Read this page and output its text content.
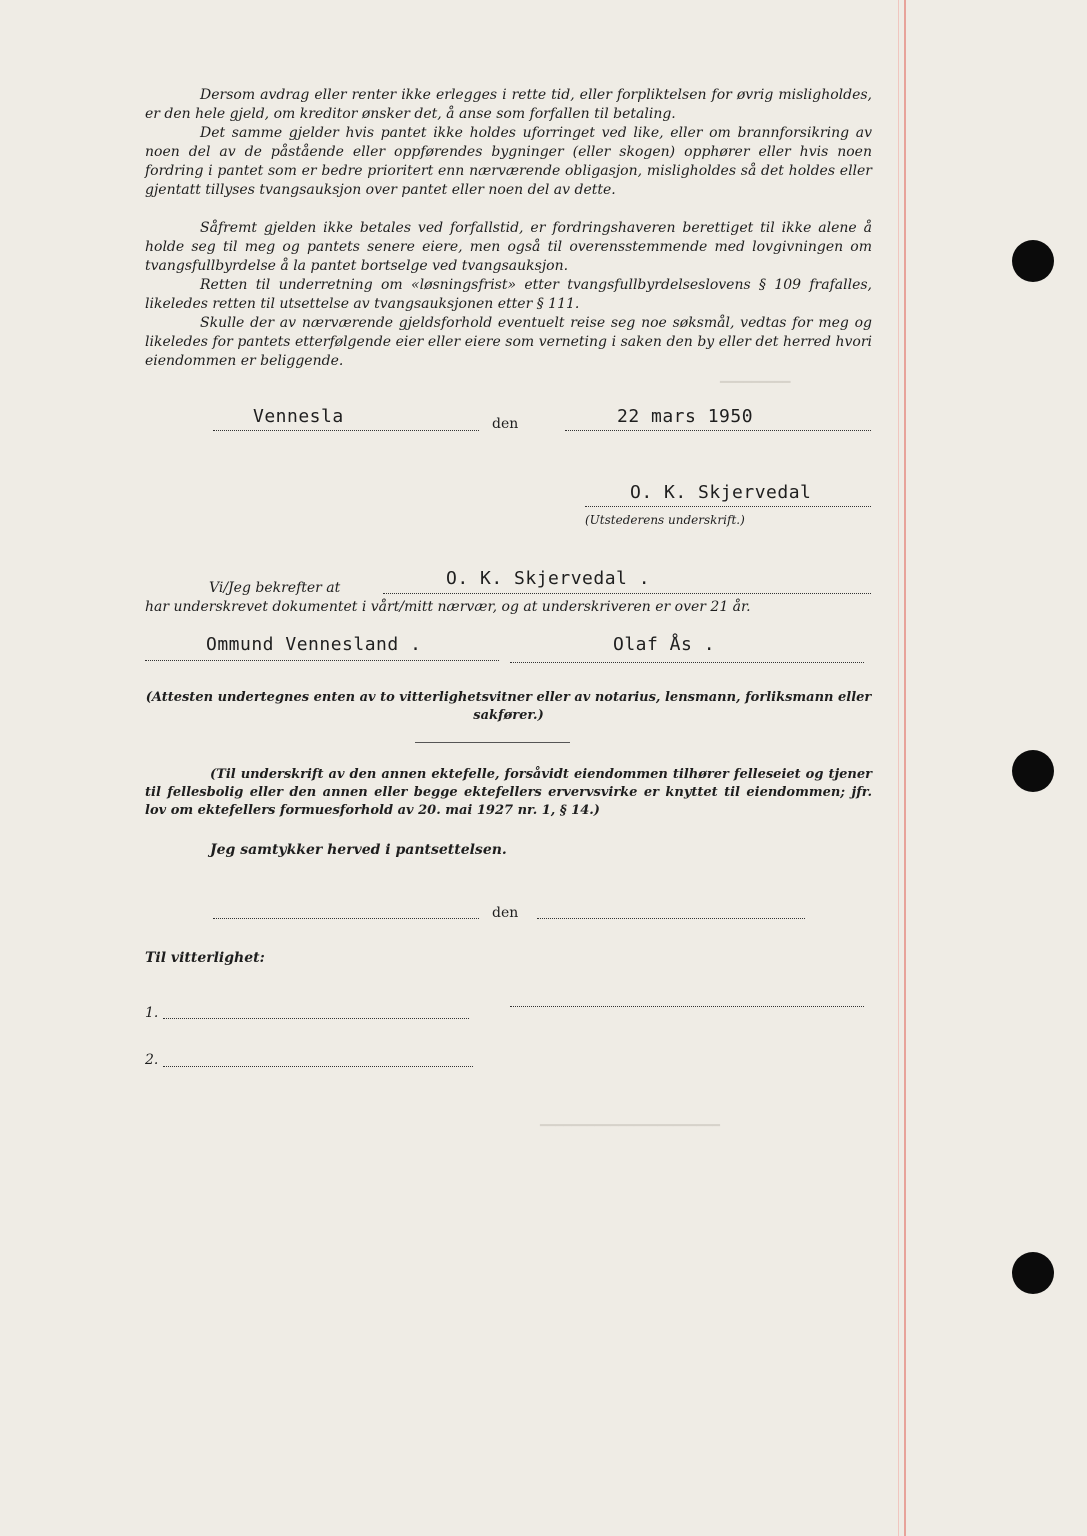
▔▔▔▔▔▔▔▔▔
▁▁▁▁▁▁▁▁▁▁▁▁▁▁▁▁▁▁▁▁▁▁▁

Dersom avdrag eller renter ikke erlegges i rette tid, eller forpliktelsen for øvrig misligholdes, er den hele gjeld, om kreditor ønsker det, å anse som forfallen til betaling.

Det samme gjelder hvis pantet ikke holdes uforringet ved like, eller om brannforsikring av noen del av de påstående eller oppførendes bygninger (eller skogen) opphører eller hvis noen fordring i pantet som er bedre prioritert enn nærværende obligasjon, misligholdes så det holdes eller gjentatt tillyses tvangsauksjon over pantet eller noen del av dette.

Såfremt gjelden ikke betales ved forfallstid, er fordringshaveren berettiget til ikke alene å holde seg til meg og pantets senere eiere, men også til overensstemmende med lovgivningen om tvangsfullbyrdelse å la pantet bortselge ved tvangsauksjon.

Retten til underretning om «løsningsfrist» etter tvangsfullbyrdelseslovens § 109 frafalles, likeledes retten til utsettelse av tvangsauksjonen etter § 111.

Skulle der av nærværende gjeldsforhold eventuelt reise seg noe søksmål, vedtas for meg og likeledes for pantets etterfølgende eier eller eiere som verneting i saken den by eller det herred hvori eiendommen er beliggende.

Vennesla	den	22 mars 1950
O. K. Skjervedal
(Utstederens underskrift.)
Vi/Jeg bekrefter at	O. K. Skjervedal .
har underskrevet dokumentet i vårt/mitt nærvær, og at underskriveren er over 21 år.
Ommund Vennesland .	Olaf Ås .

(Attesten undertegnes enten av to vitterlighetsvitner eller av notarius, lensmann, forliksmann eller sakfører.)

(Til underskrift av den annen ektefelle, forsåvidt eiendommen tilhører felleseiet og tjener til fellesbolig eller den annen eller begge ektefellers ervervsvirke er knyttet til eiendommen; jfr. lov om ektefellers formuesforhold av 20. mai 1927 nr. 1, § 14.)

Jeg samtykker herved i pantsettelsen.
den
Til vitterlighet:
1.
2.
